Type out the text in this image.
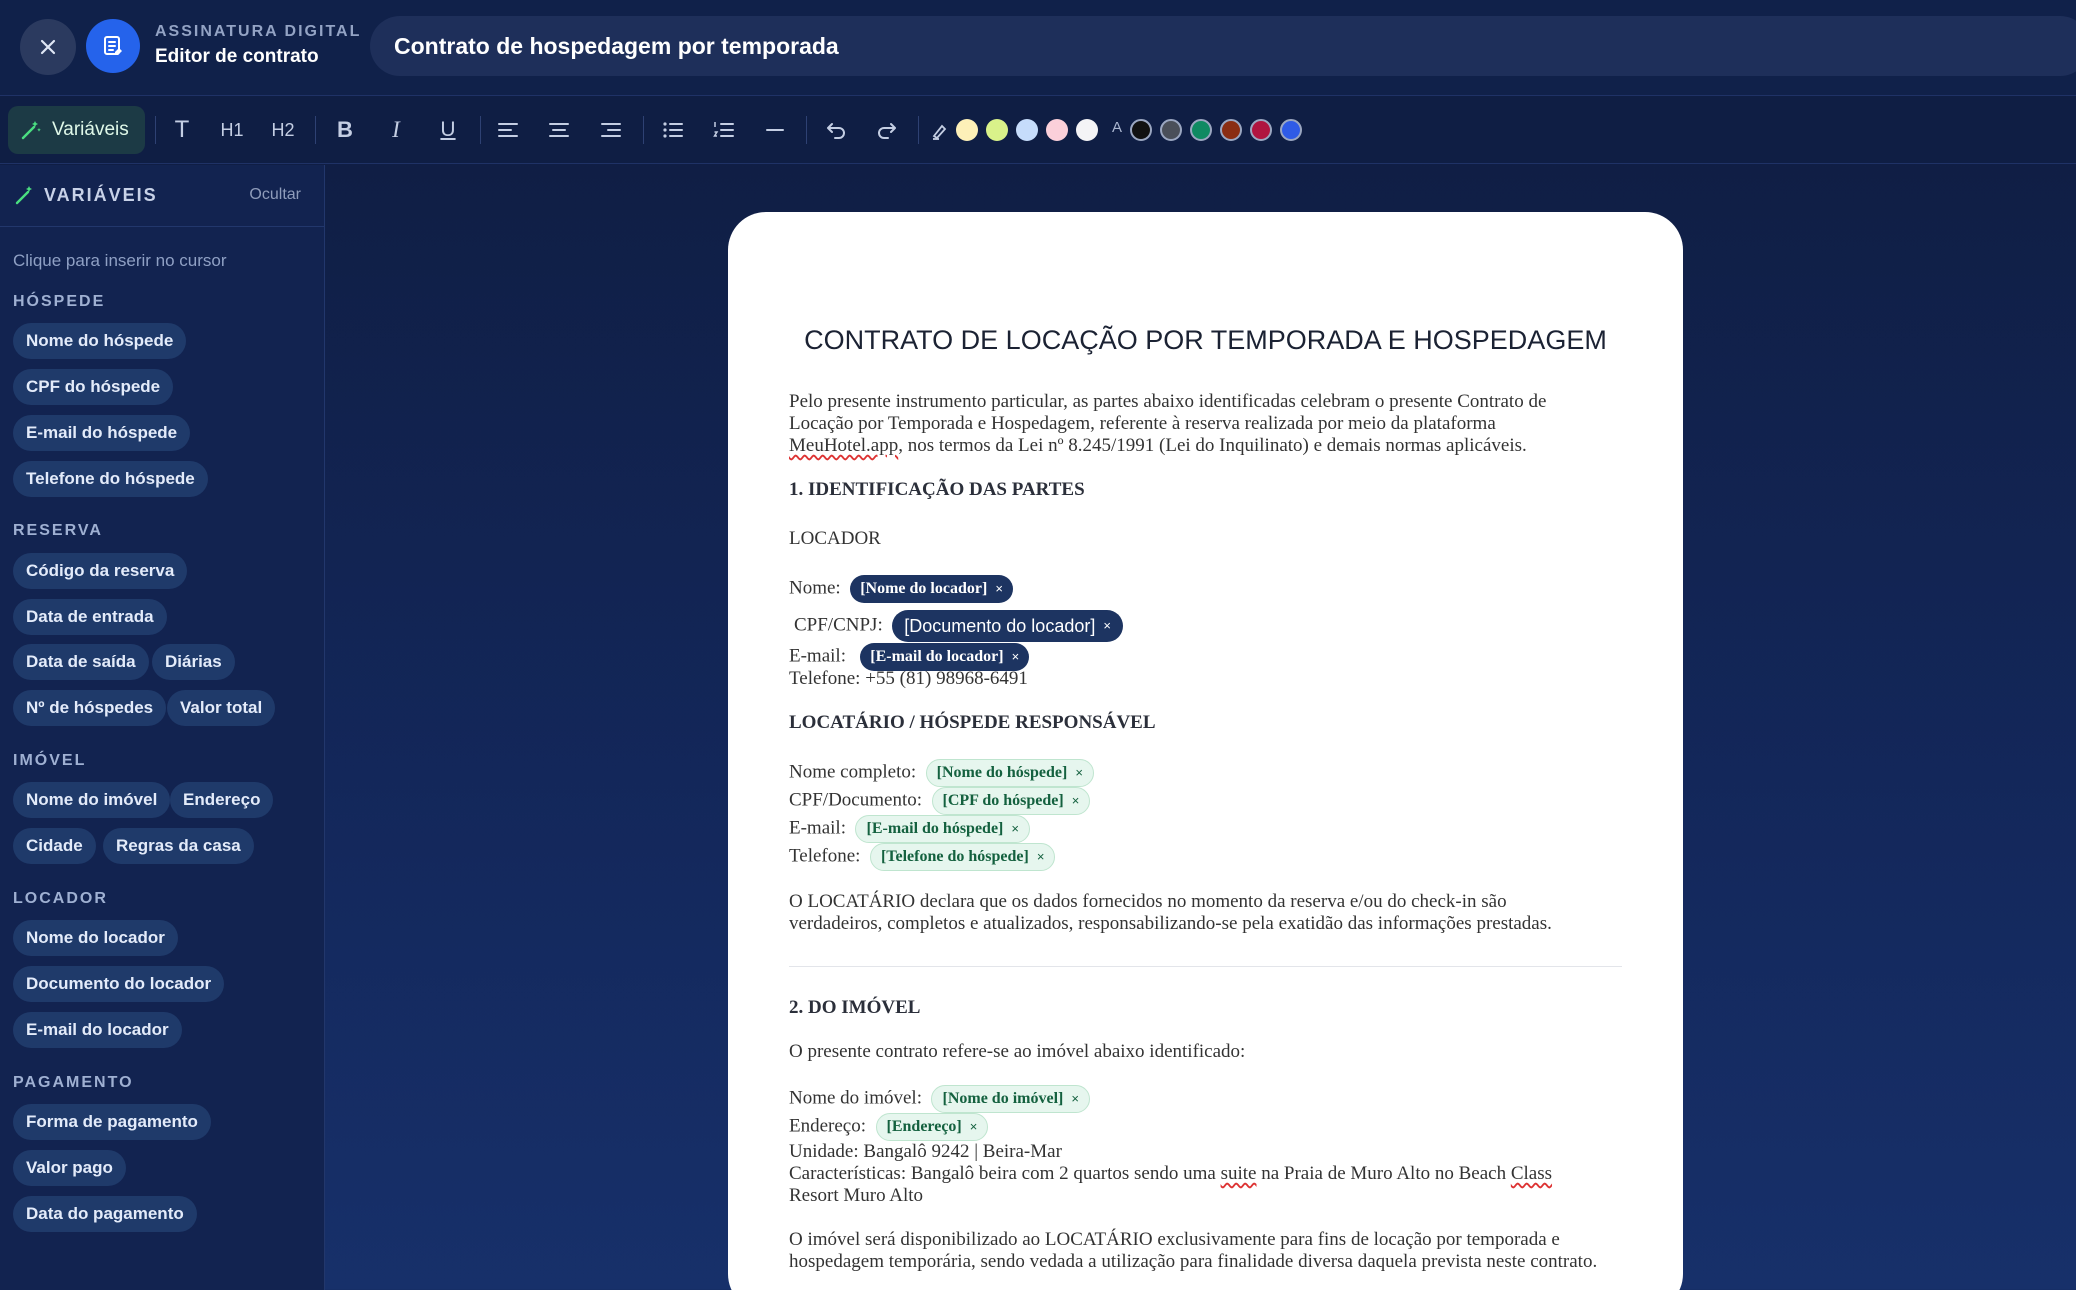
ASSINATURA DIGITAL
Editor de contrato	Contrato de hospedagem por temporada
Variáveis T H1 H2 B I U	A
VARIÁVEIS	Ocultar
Clique para inserir no cursor
HÓSPEDE
Nome do hóspede
CPF do hóspede
E-mail do hóspede
Telefone do hóspede
RESERVA
Código da reserva
Data de entrada
Data de saída	Diárias
Nº de hóspedes	Valor total
IMÓVEL
Nome do imóvel	Endereço
Cidade	Regras da casa
LOCADOR
Nome do locador
Documento do locador
E-mail do locador
PAGAMENTO
Forma de pagamento
Valor pago
Data do pagamento
CONTRATO DE LOCAÇÃO POR TEMPORADA E HOSPEDAGEM
Pelo presente instrumento particular, as partes abaixo identificadas celebram o presente Contrato de
Locação por Temporada e Hospedagem, referente à reserva realizada por meio da plataforma
MeuHotel.app, nos termos da Lei nº 8.245/1991 (Lei do Inquilinato) e demais normas aplicáveis.
1. IDENTIFICAÇÃO DAS PARTES
LOCADOR
Nome: [Nome do locador] ×
CPF/CNPJ: [Documento do locador] ×
E-mail: [E-mail do locador] ×
Telefone: +55 (81) 98968-6491
LOCATÁRIO / HÓSPEDE RESPONSÁVEL
Nome completo: [Nome do hóspede] ×
CPF/Documento: [CPF do hóspede] ×
E-mail: [E-mail do hóspede] ×
Telefone: [Telefone do hóspede] ×
O LOCATÁRIO declara que os dados fornecidos no momento da reserva e/ou do check-in são
verdadeiros, completos e atualizados, responsabilizando-se pela exatidão das informações prestadas.
2. DO IMÓVEL
O presente contrato refere-se ao imóvel abaixo identificado:
Nome do imóvel: [Nome do imóvel] ×
Endereço: [Endereço] ×
Unidade: Bangalô 9242 | Beira-Mar
Características: Bangalô beira com 2 quartos sendo uma suite na Praia de Muro Alto no Beach Class
Resort Muro Alto
O imóvel será disponibilizado ao LOCATÁRIO exclusivamente para fins de locação por temporada e
hospedagem temporária, sendo vedada a utilização para finalidade diversa daquela prevista neste contrato.
